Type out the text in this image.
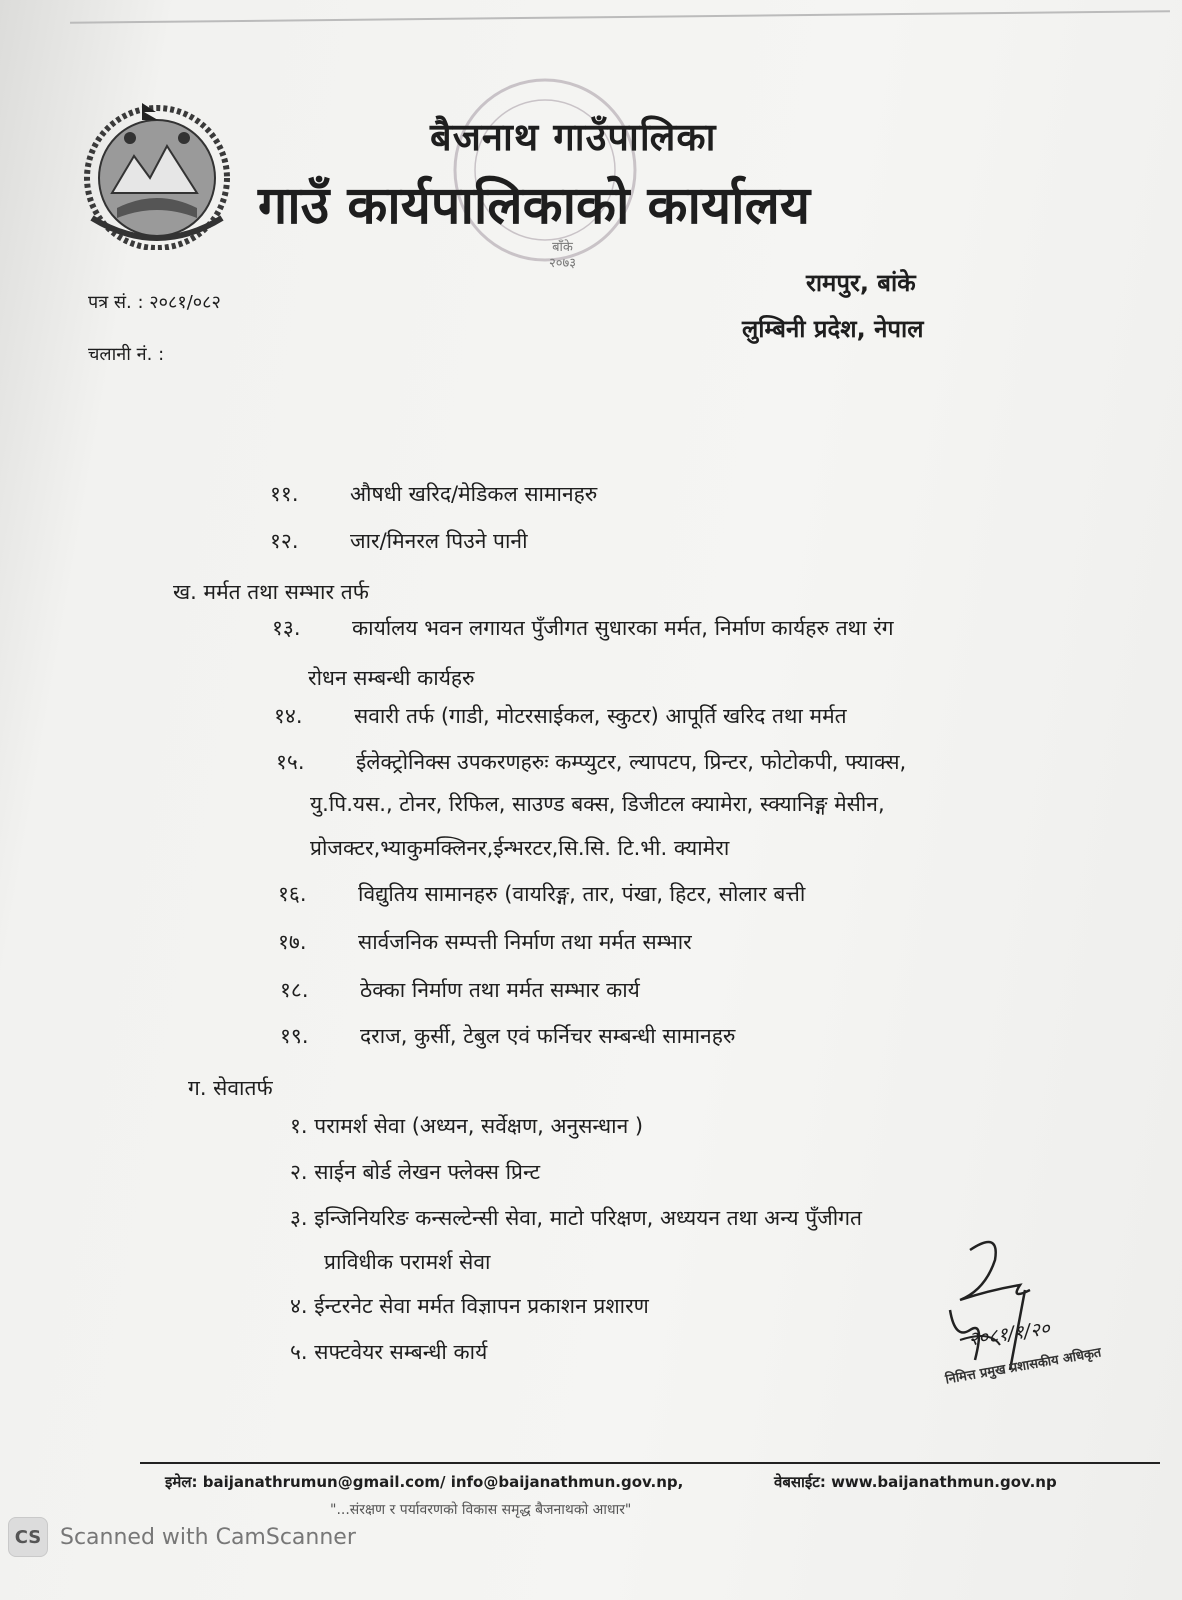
बाँके
२०७३
बैजनाथ गाउँपालिका
गाउँ कार्यपालिकाको कार्यालय
रामपुर, बांके
लुम्बिनी प्रदेश, नेपाल
पत्र सं. : २०८१/०८२
चलानी नं. :
११. औषधी खरिद/मेडिकल सामानहरु
१२. जार/मिनरल पिउने पानी
ख. मर्मत तथा सम्भार तर्फ
१३. कार्यालय भवन लगायत पुँजीगत सुधारका मर्मत, निर्माण कार्यहरु तथा रंग
रोधन सम्बन्धी कार्यहरु
१४. सवारी तर्फ (गाडी, मोटरसाईकल, स्कुटर) आपूर्ति खरिद तथा मर्मत
१५. ईलेक्ट्रोनिक्स उपकरणहरुः कम्प्युटर, ल्यापटप, प्रिन्टर, फोटोकपी, फ्याक्स,
यु.पि.यस., टोनर, रिफिल, साउण्ड बक्स, डिजीटल क्यामेरा, स्क्यानिङ्ग मेसीन,
प्रोजक्टर,भ्याकुमक्लिनर,ईन्भरटर,सि.सि. टि.भी. क्यामेरा
१६. विद्युतिय सामानहरु (वायरिङ्ग, तार, पंखा, हिटर, सोलार बत्ती
१७. सार्वजनिक सम्पत्ती निर्माण तथा मर्मत सम्भार
१८. ठेक्का निर्माण तथा मर्मत सम्भार कार्य
१९. दराज, कुर्सी, टेबुल एवं फर्निचर सम्बन्धी सामानहरु
ग. सेवातर्फ
१. परामर्श सेवा (अध्यन, सर्वेक्षण, अनुसन्धान )
२. साईन बोर्ड लेखन फ्लेक्स प्रिन्ट
३. इन्जिनियरिङ कन्सल्टेन्सी सेवा, माटो परिक्षण, अध्ययन तथा अन्य पुँजीगत
प्राविधीक परामर्श सेवा
४. ईन्टरनेट सेवा मर्मत विज्ञापन प्रकाशन प्रशारण
५. सफ्टवेयर सम्बन्धी कार्य
२०८१/१/२०
निमित्त प्रमुख प्रशासकीय अधिकृत
इमेल: baijanathrumun@gmail.com/ info@baijanathmun.gov.np,	वेबसाईट: www.baijanathmun.gov.np
"...संरक्षण र पर्यावरणको विकास समृद्ध बैजनाथको आधार"
CS Scanned with CamScanner
